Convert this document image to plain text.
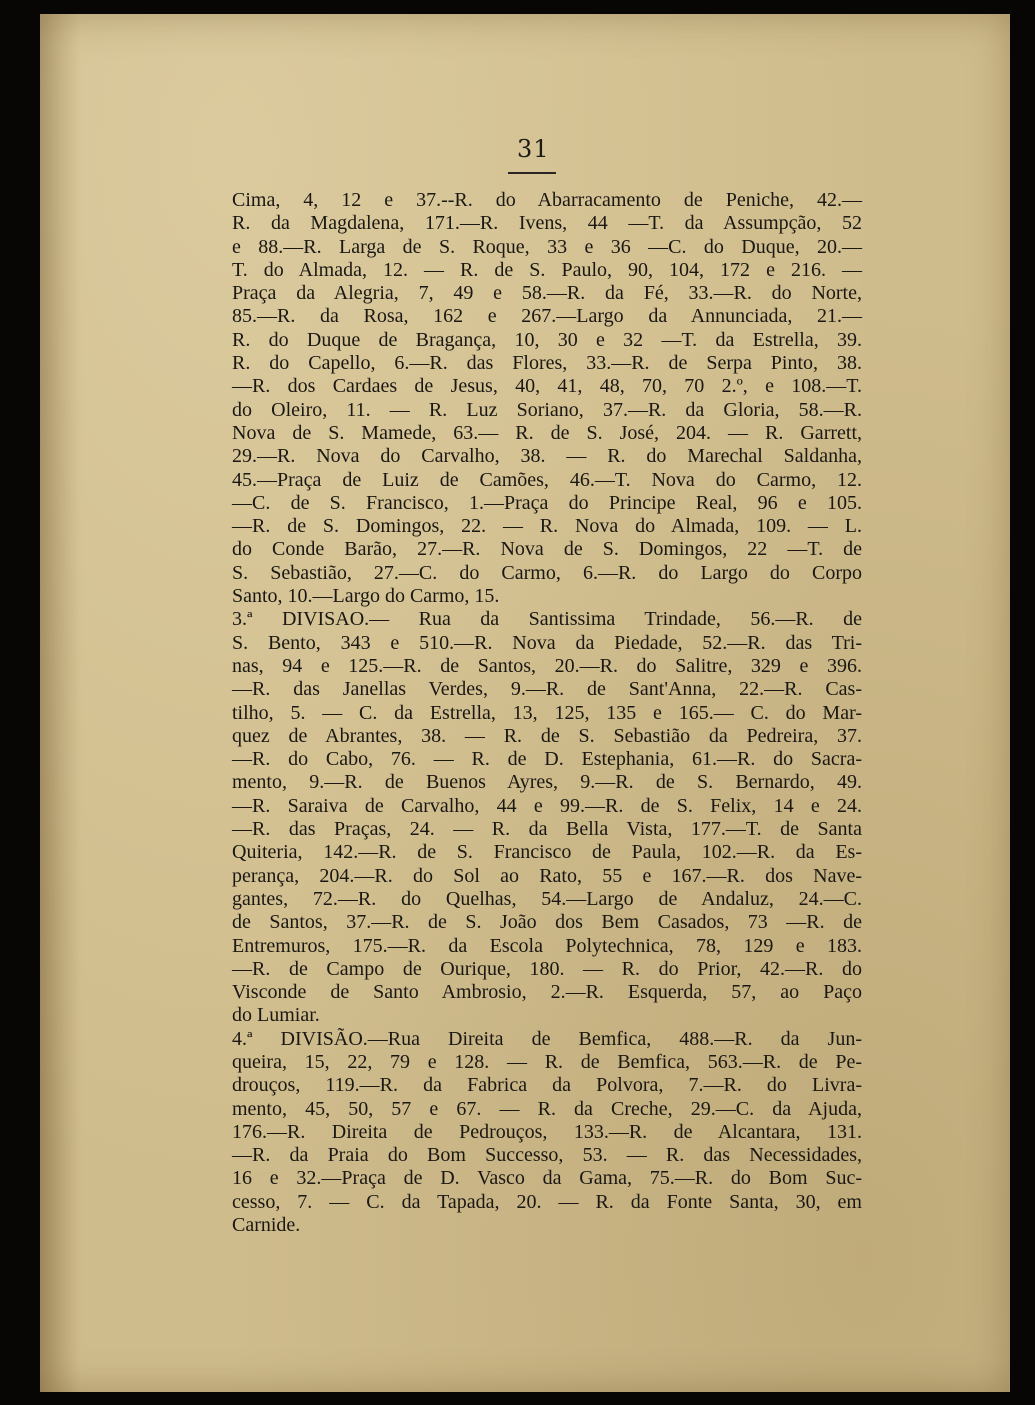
31
Cima, 4, 12 e 37.--R. do Abarracamento de Peniche, 42.—
R. da Magdalena, 171.—R. Ivens, 44 —T. da Assumpção, 52
e 88.—R. Larga de S. Roque, 33 e 36 —C. do Duque, 20.—
T. do Almada, 12. — R. de S. Paulo, 90, 104, 172 e 216. —
Praça da Alegria, 7, 49 e 58.—R. da Fé, 33.—R. do Norte,
85.—R. da Rosa, 162 e 267.—Largo da Annunciada, 21.—
R. do Duque de Bragança, 10, 30 e 32 —T. da Estrella, 39.
R. do Capello, 6.—R. das Flores, 33.—R. de Serpa Pinto, 38.
—R. dos Cardaes de Jesus, 40, 41, 48, 70, 70 2.º, e 108.—T.
do Oleiro, 11. — R. Luz Soriano, 37.—R. da Gloria, 58.—R.
Nova de S. Mamede, 63.— R. de S. José, 204. — R. Garrett,
29.—R. Nova do Carvalho, 38. — R. do Marechal Saldanha,
45.—Praça de Luiz de Camões, 46.—T. Nova do Carmo, 12.
—C. de S. Francisco, 1.—Praça do Principe Real, 96 e 105.
—R. de S. Domingos, 22. — R. Nova do Almada, 109. — L.
do Conde Barão, 27.—R. Nova de S. Domingos, 22 —T. de
S. Sebastião, 27.—C. do Carmo, 6.—R. do Largo do Corpo
Santo, 10.—Largo do Carmo, 15.
3.ª DIVISAO.— Rua da Santissima Trindade, 56.—R. de
S. Bento, 343 e 510.—R. Nova da Piedade, 52.—R. das Tri-
nas, 94 e 125.—R. de Santos, 20.—R. do Salitre, 329 e 396.
—R. das Janellas Verdes, 9.—R. de Sant'Anna, 22.—R. Cas-
tilho, 5. — C. da Estrella, 13, 125, 135 e 165.— C. do Mar-
quez de Abrantes, 38. — R. de S. Sebastião da Pedreira, 37.
—R. do Cabo, 76. — R. de D. Estephania, 61.—R. do Sacra-
mento, 9.—R. de Buenos Ayres, 9.—R. de S. Bernardo, 49.
—R. Saraiva de Carvalho, 44 e 99.—R. de S. Felix, 14 e 24.
—R. das Praças, 24. — R. da Bella Vista, 177.—T. de Santa
Quiteria, 142.—R. de S. Francisco de Paula, 102.—R. da Es-
perança, 204.—R. do Sol ao Rato, 55 e 167.—R. dos Nave-
gantes, 72.—R. do Quelhas, 54.—Largo de Andaluz, 24.—C.
de Santos, 37.—R. de S. João dos Bem Casados, 73 —R. de
Entremuros, 175.—R. da Escola Polytechnica, 78, 129 e 183.
—R. de Campo de Ourique, 180. — R. do Prior, 42.—R. do
Visconde de Santo Ambrosio, 2.—R. Esquerda, 57, ao Paço
do Lumiar.
4.ª DIVISÃO.—Rua Direita de Bemfica, 488.—R. da Jun-
queira, 15, 22, 79 e 128. — R. de Bemfica, 563.—R. de Pe-
drouços, 119.—R. da Fabrica da Polvora, 7.—R. do Livra-
mento, 45, 50, 57 e 67. — R. da Creche, 29.—C. da Ajuda,
176.—R. Direita de Pedrouços, 133.—R. de Alcantara, 131.
—R. da Praia do Bom Successo, 53. — R. das Necessidades,
16 e 32.—Praça de D. Vasco da Gama, 75.—R. do Bom Suc-
cesso, 7. — C. da Tapada, 20. — R. da Fonte Santa, 30, em
Carnide.
